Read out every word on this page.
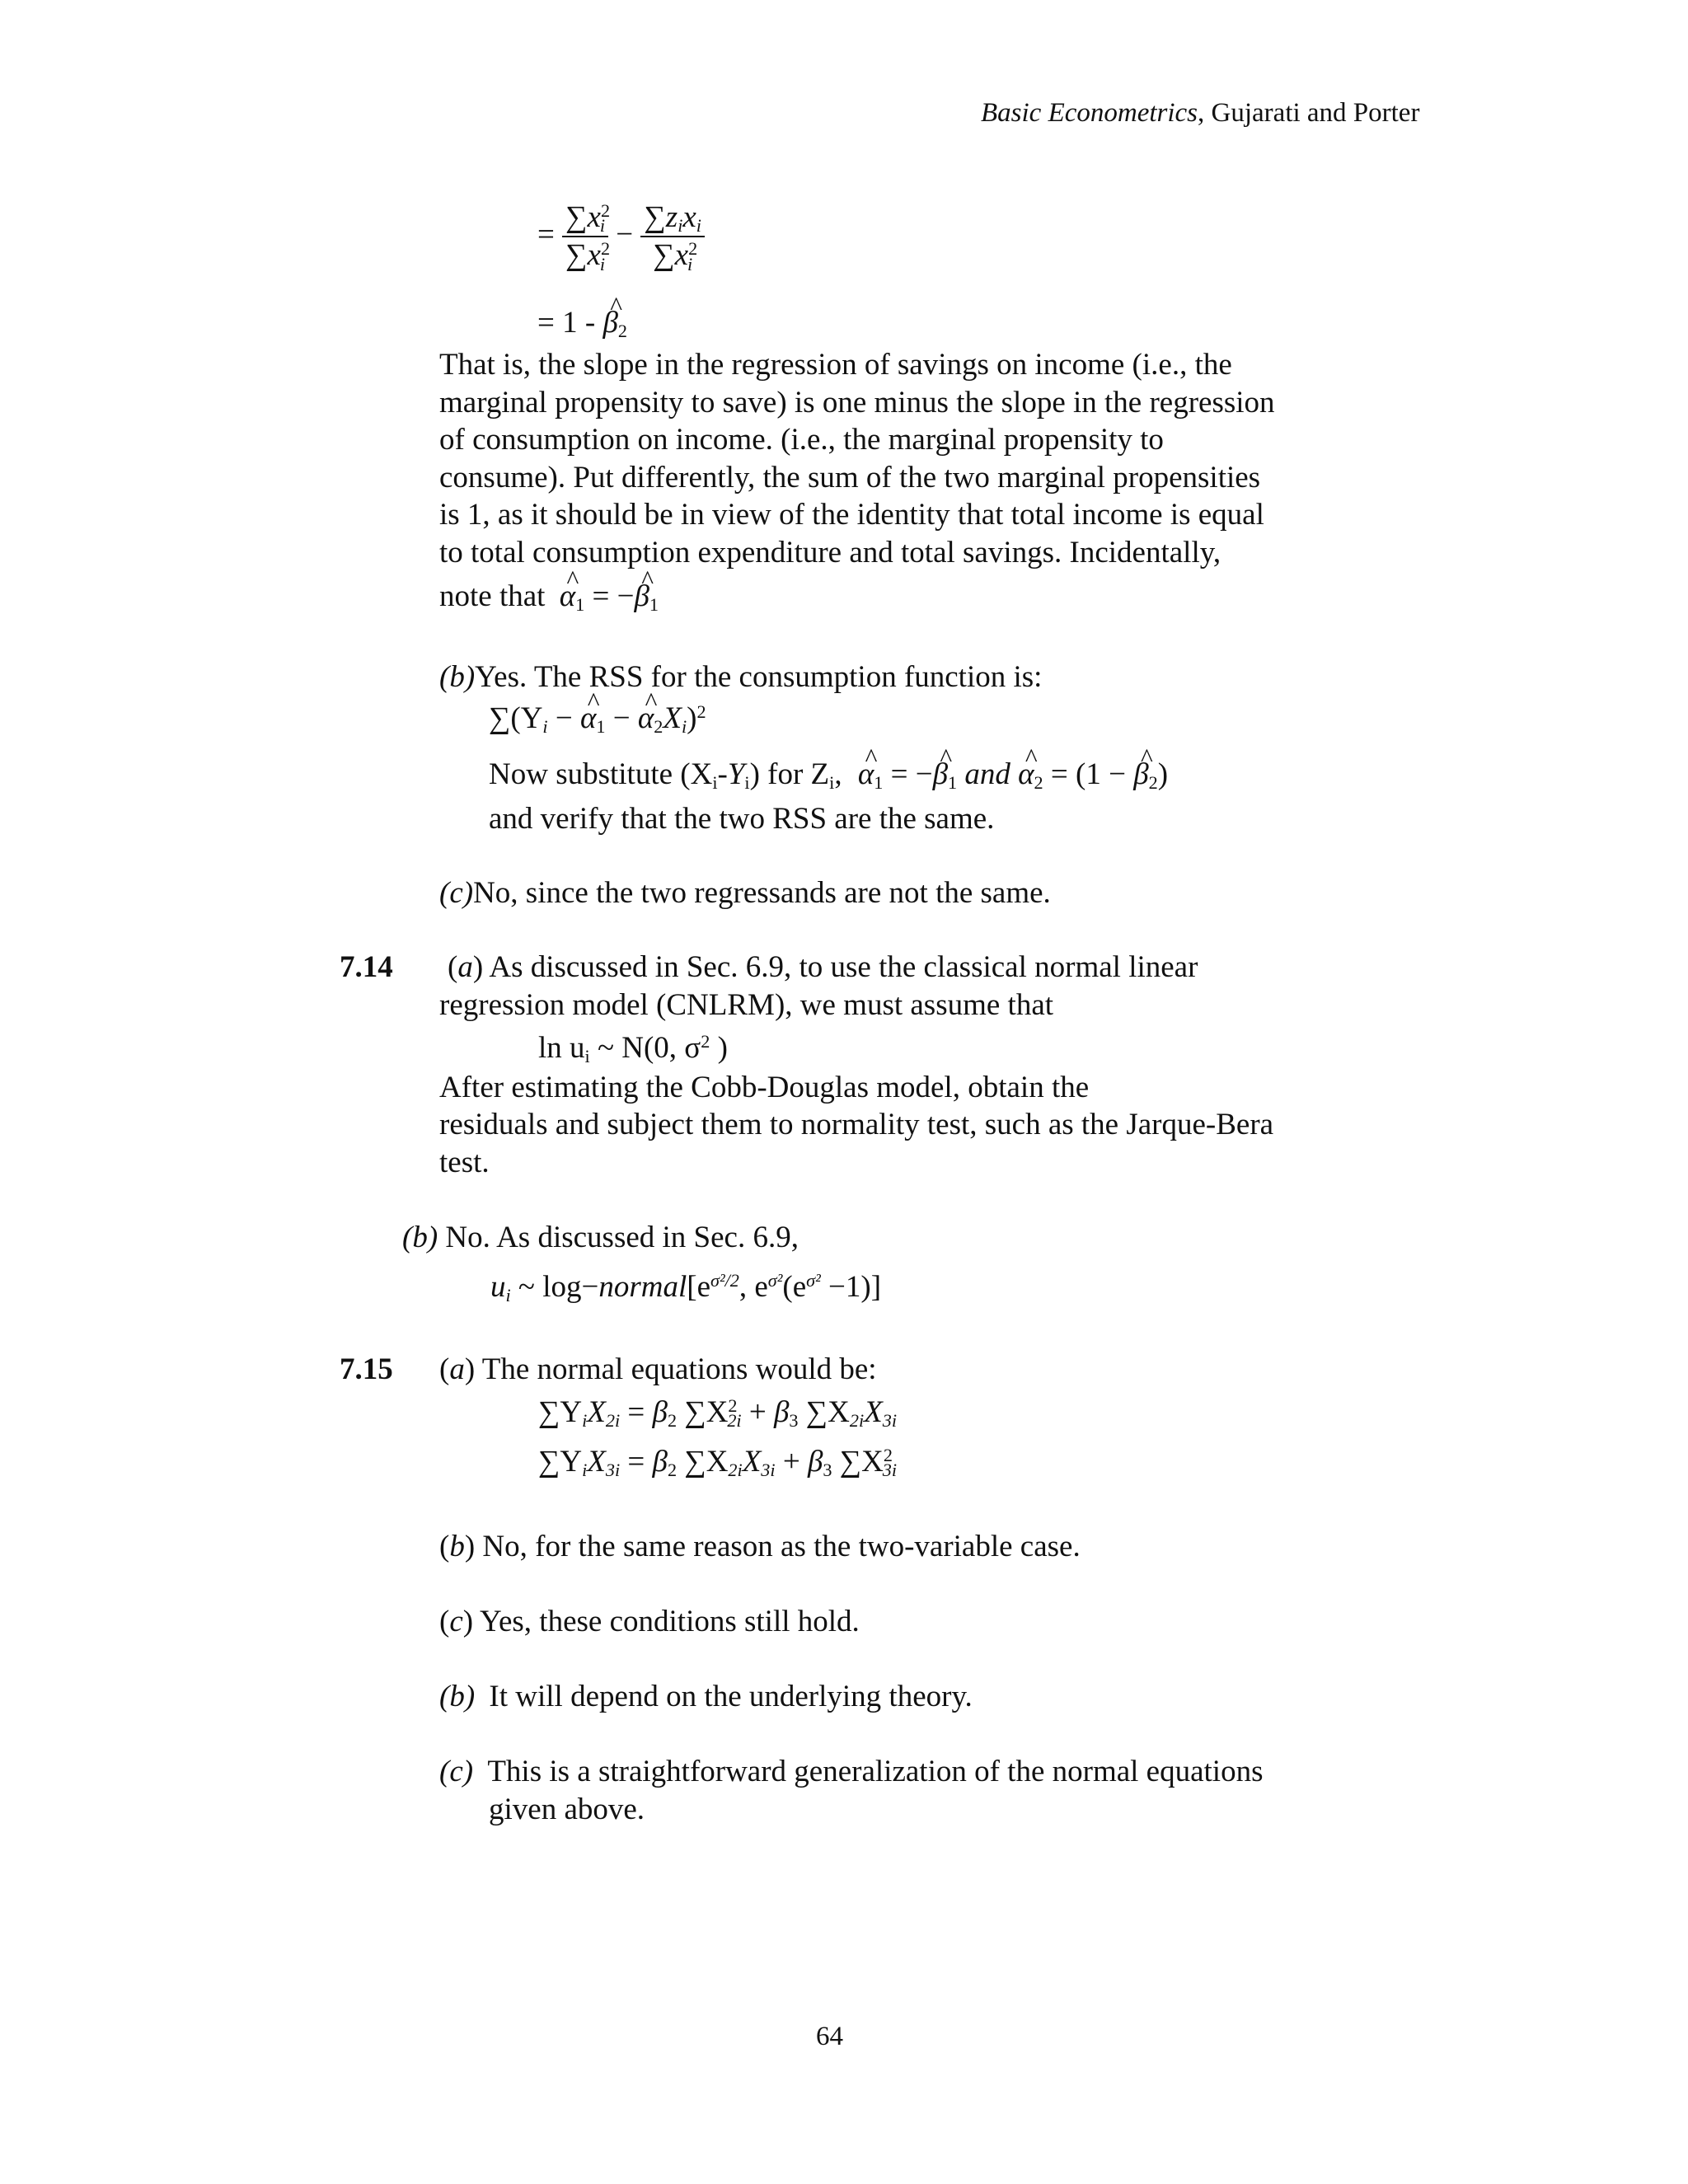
Basic Econometrics, Gujarati and Porter
= $\frac{\sum x^2_i}{\sum x^2_i} - \frac{\sum z_ix_i}{\sum x^2_i}$
= 1 - ^ $\beta_2$
That is, the slope in the regression of savings on income (i.e., the
marginal propensity to save) is one minus the slope in the regression
of consumption on income. (i.e., the marginal propensity to
consume). Put differently, the sum of the two marginal propensities
is 1, as it should be in view of the identity that total income is equal
to total consumption expenditure and total savings. Incidentally,
note that ^ $\alpha_1$ = −^ $\beta_1$
(b)Yes. The RSS for the consumption function is:
$\sum(Y_i$ − ^ $\alpha_1$ − ^ $\alpha_2X_i)^2$
Now substitute $(X_i-Y_i)$ for $Z_i$, ^ $\alpha_1$ = −^ $\beta_1$ and ^ $\alpha_2 = (1$ − ^ $\beta_2$)
and verify that the two RSS are the same.
(c)No, since the two regressands are not the same.
7.14 (a) As discussed in Sec. 6.9, to use the classical normal linear
regression model (CNLRM), we must assume that
$\ln u_i$ ~ N(0, $\sigma^2$ )
After estimating the Cobb-Douglas model, obtain the
residuals and subject them to normality test, such as the Jarque-Bera
test.
(b) No. As discussed in Sec. 6.9,
$u_i$ ~ $\log-normal[e^{\sigma^2/2}$, $e^{\sigma^2}(e^{\sigma^2} -1)$]
7.15 (a) The normal equations would be:
$\sum Y_iX_{2i} = \beta_2$ $\sum X^2_{2i} + \beta_3$ $\sum X_{2i}X_{3i}$
$\sum Y_iX_{3i} = \beta_2$ $\sum X_{2i}X_{3i} + \beta_3$ $\sum X^2_{3i}$
(b) No, for the same reason as the two-variable case.
(c) Yes, these conditions still hold.
(b) It will depend on the underlying theory.
(c) This is a straightforward generalization of the normal equations
given above.
64
